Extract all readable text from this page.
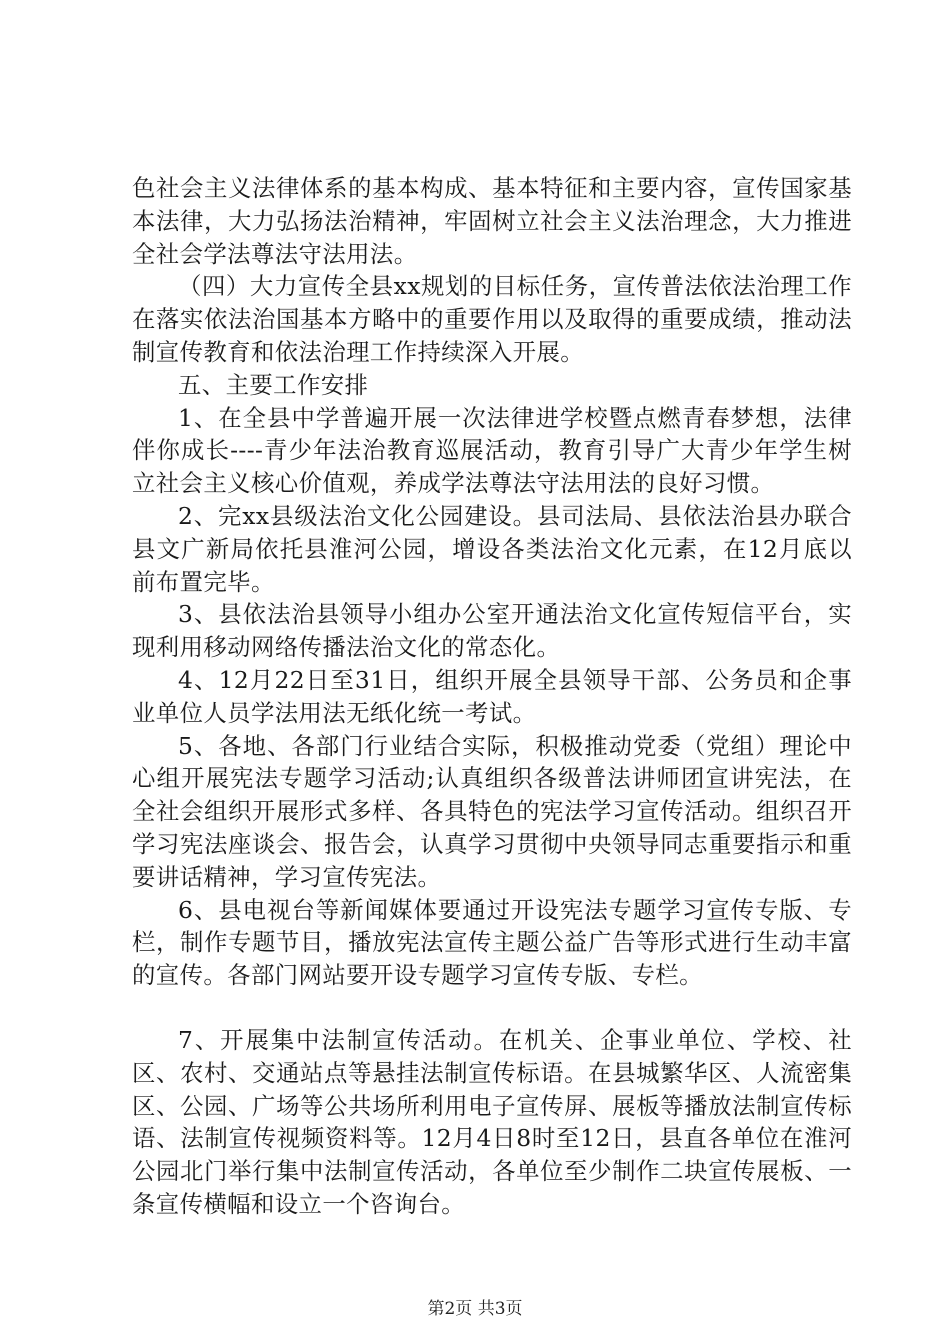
色社会主义法律体系的基本构成、基本特征和主要内容，宣传国家基本法律，大力弘扬法治精神，牢固树立社会主义法治理念，大力推进全社会学法尊法守法用法。

（四）大力宣传全县xx规划的目标任务，宣传普法依法治理工作在落实依法治国基本方略中的重要作用以及取得的重要成绩，推动法制宣传教育和依法治理工作持续深入开展。

五、主要工作安排

1、在全县中学普遍开展一次法律进学校暨点燃青春梦想，法律伴你成长----青少年法治教育巡展活动，教育引导广大青少年学生树立社会主义核心价值观，养成学法尊法守法用法的良好习惯。

2、完xx县级法治文化公园建设。县司法局、县依法治县办联合县文广新局依托县淮河公园，增设各类法治文化元素，在12月底以前布置完毕。

3、县依法治县领导小组办公室开通法治文化宣传短信平台，实现利用移动网络传播法治文化的常态化。

4、12月22日至31日，组织开展全县领导干部、公务员和企事业单位人员学法用法无纸化统一考试。

5、各地、各部门行业结合实际，积极推动党委（党组）理论中心组开展宪法专题学习活动;认真组织各级普法讲师团宣讲宪法，在全社会组织开展形式多样、各具特色的宪法学习宣传活动。组织召开学习宪法座谈会、报告会，认真学习贯彻中央领导同志重要指示和重要讲话精神，学习宣传宪法。

6、县电视台等新闻媒体要通过开设宪法专题学习宣传专版、专栏，制作专题节目，播放宪法宣传主题公益广告等形式进行生动丰富的宣传。各部门网站要开设专题学习宣传专版、专栏。

7、开展集中法制宣传活动。在机关、企事业单位、学校、社区、农村、交通站点等悬挂法制宣传标语。在县城繁华区、人流密集区、公园、广场等公共场所利用电子宣传屏、展板等播放法制宣传标语、法制宣传视频资料等。12月4日8时至12日，县直各单位在淮河公园北门举行集中法制宣传活动，各单位至少制作二块宣传展板、一条宣传横幅和设立一个咨询台。

第2页 共3页
